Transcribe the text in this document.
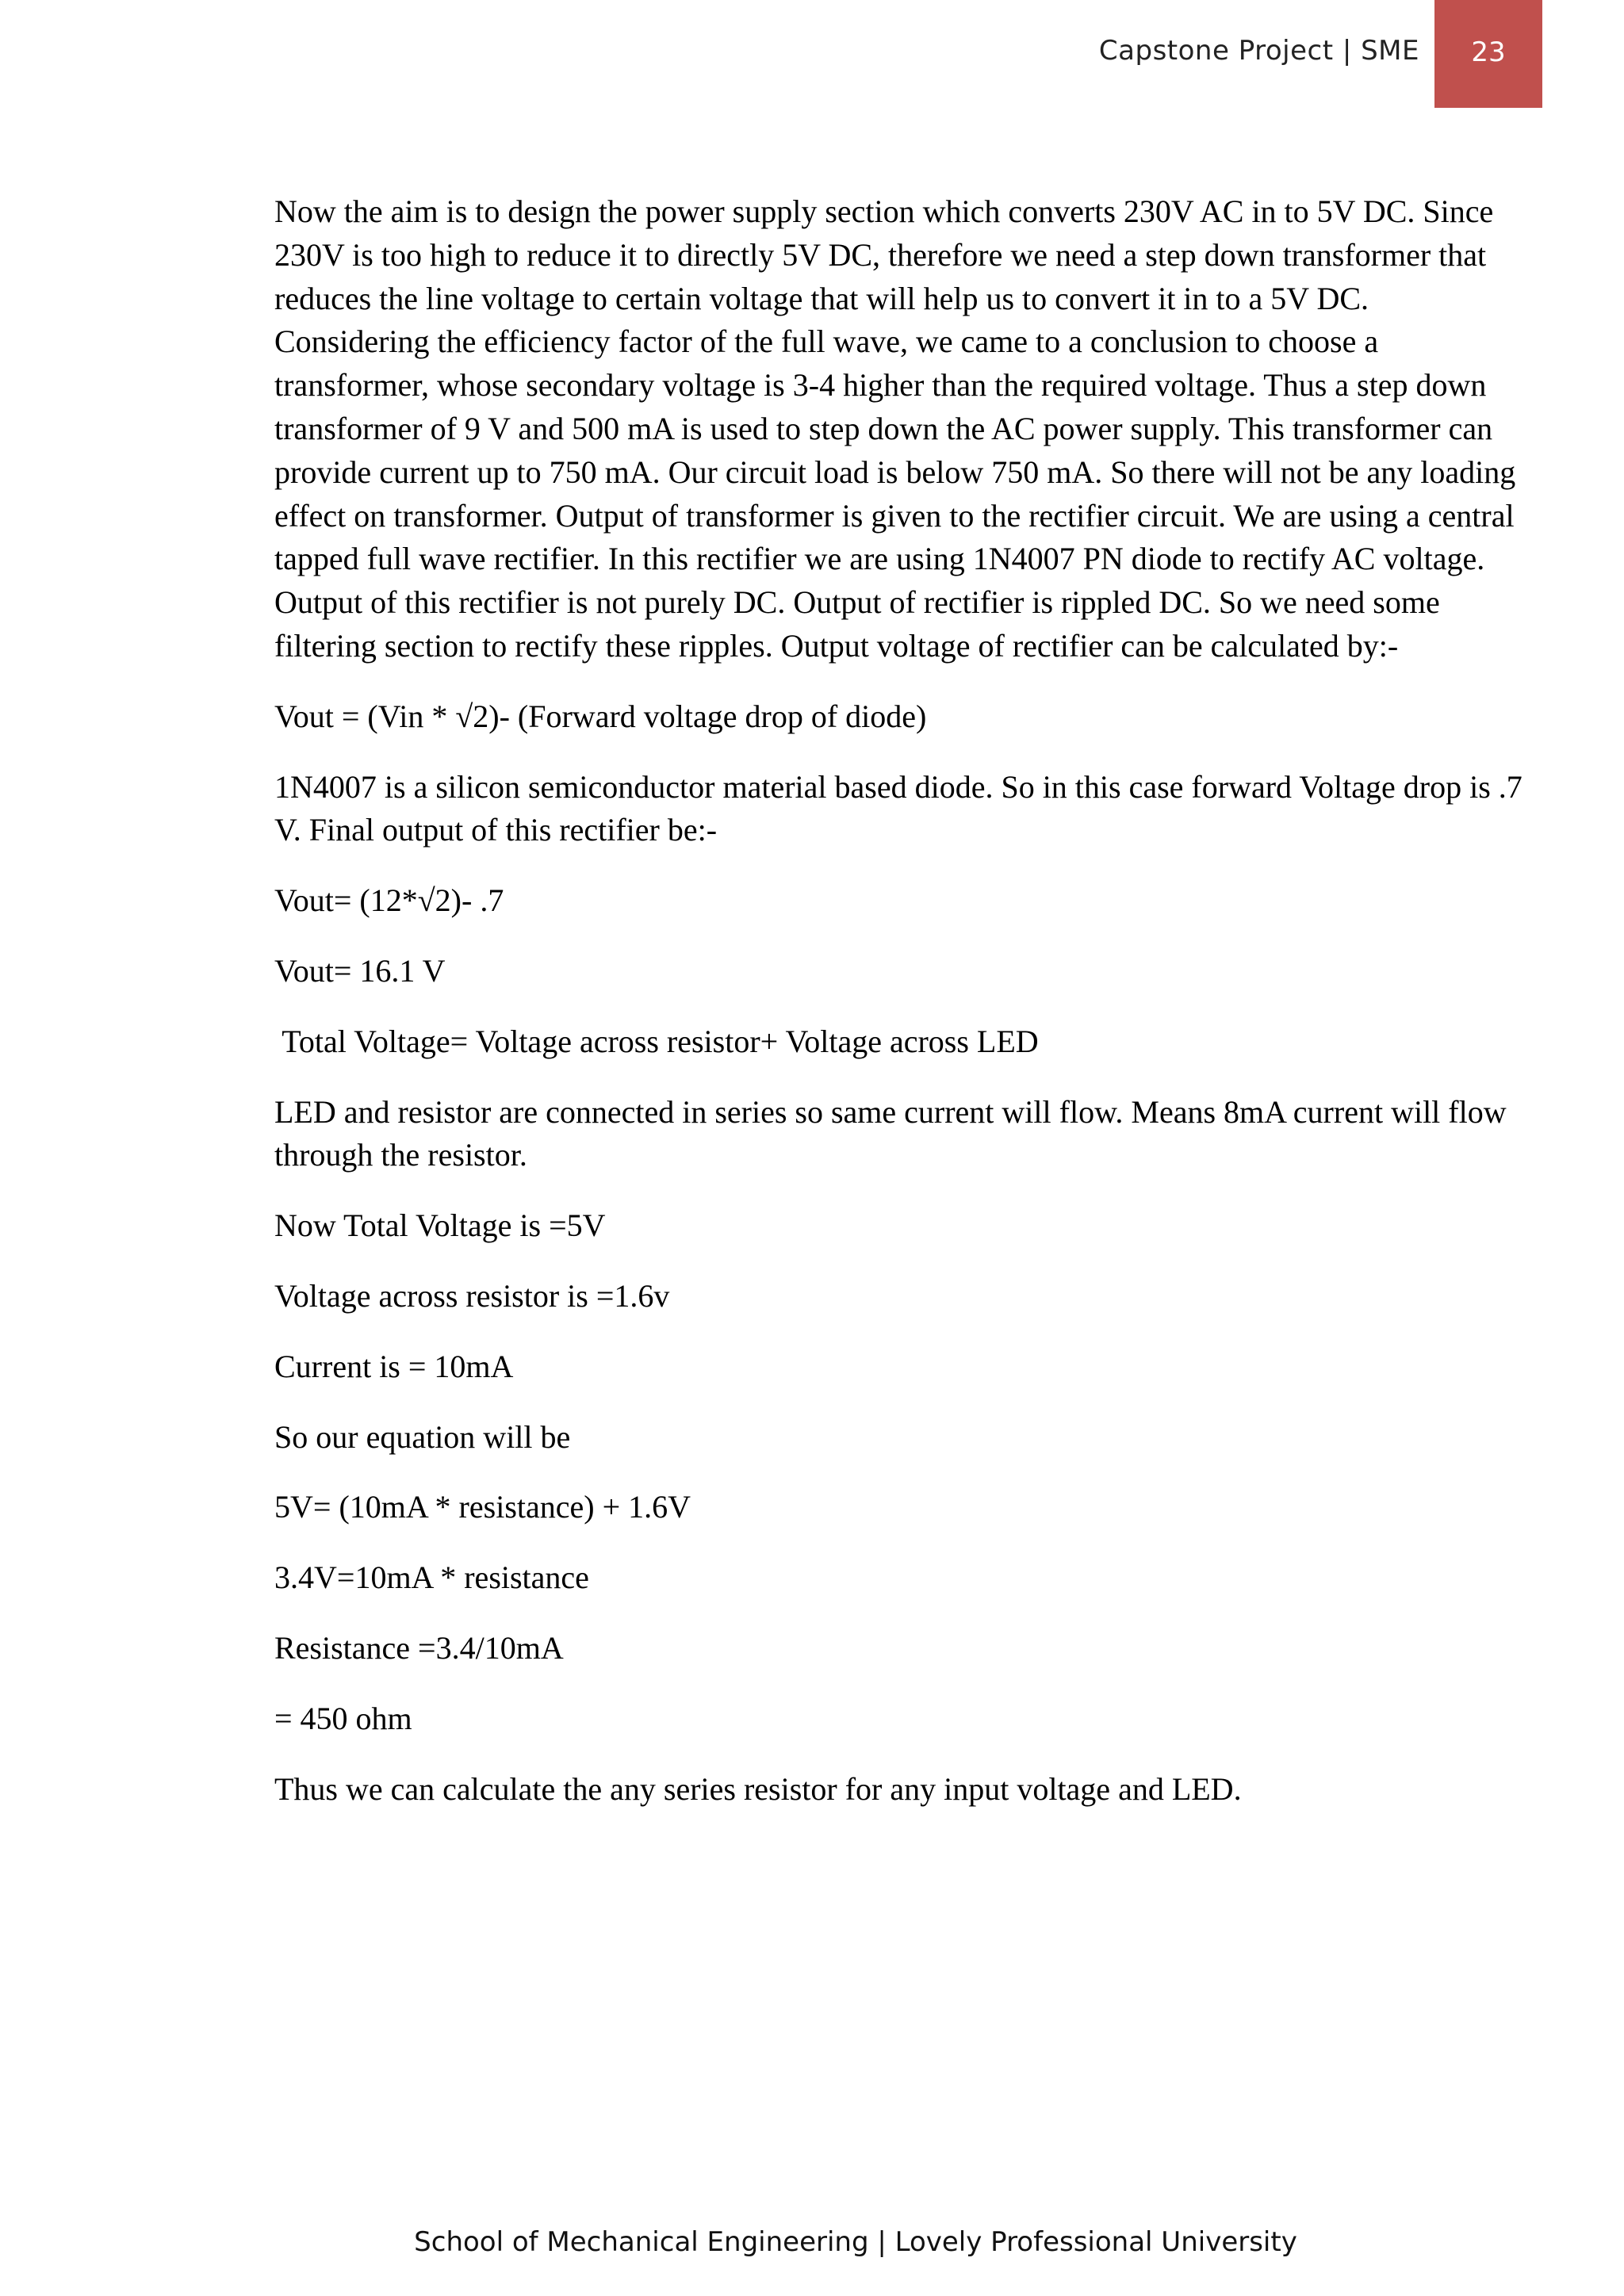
Capstone Project | SME	23

Now the aim is to design the power supply section which converts 230V AC in to 5V DC. Since 230V is too high to reduce it to directly 5V DC, therefore we need a step down transformer that reduces the line voltage to certain voltage that will help us to convert it in to a 5V DC. Considering the efficiency factor of the full wave, we came to a conclusion to choose a transformer, whose secondary voltage is 3-4 higher than the required voltage. Thus a step down transformer of 9 V and 500 mA is used to step down the AC power supply. This transformer can provide current up to 750 mA. Our circuit load is below 750 mA. So there will not be any loading effect on transformer. Output of transformer is given to the rectifier circuit. We are using a central tapped full wave rectifier. In this rectifier we are using 1N4007 PN diode to rectify AC voltage. Output of this rectifier is not purely DC. Output of rectifier is rippled DC. So we need some filtering section to rectify these ripples. Output voltage of rectifier can be calculated by:-

Vout = (Vin * √2)- (Forward voltage drop of diode)

1N4007 is a silicon semiconductor material based diode. So in this case forward Voltage drop is .7 V. Final output of this rectifier be:-

Vout= (12*√2)- .7

Vout= 16.1 V

Total Voltage= Voltage across resistor+ Voltage across LED

LED and resistor are connected in series so same current will flow. Means 8mA current will flow through the resistor.

Now Total Voltage is =5V

Voltage across resistor is =1.6v

Current is = 10mA

So our equation will be

5V= (10mA * resistance) + 1.6V

3.4V=10mA * resistance

Resistance =3.4/10mA

= 450 ohm

Thus we can calculate the any series resistor for any input voltage and LED.

School of Mechanical Engineering | Lovely Professional University
